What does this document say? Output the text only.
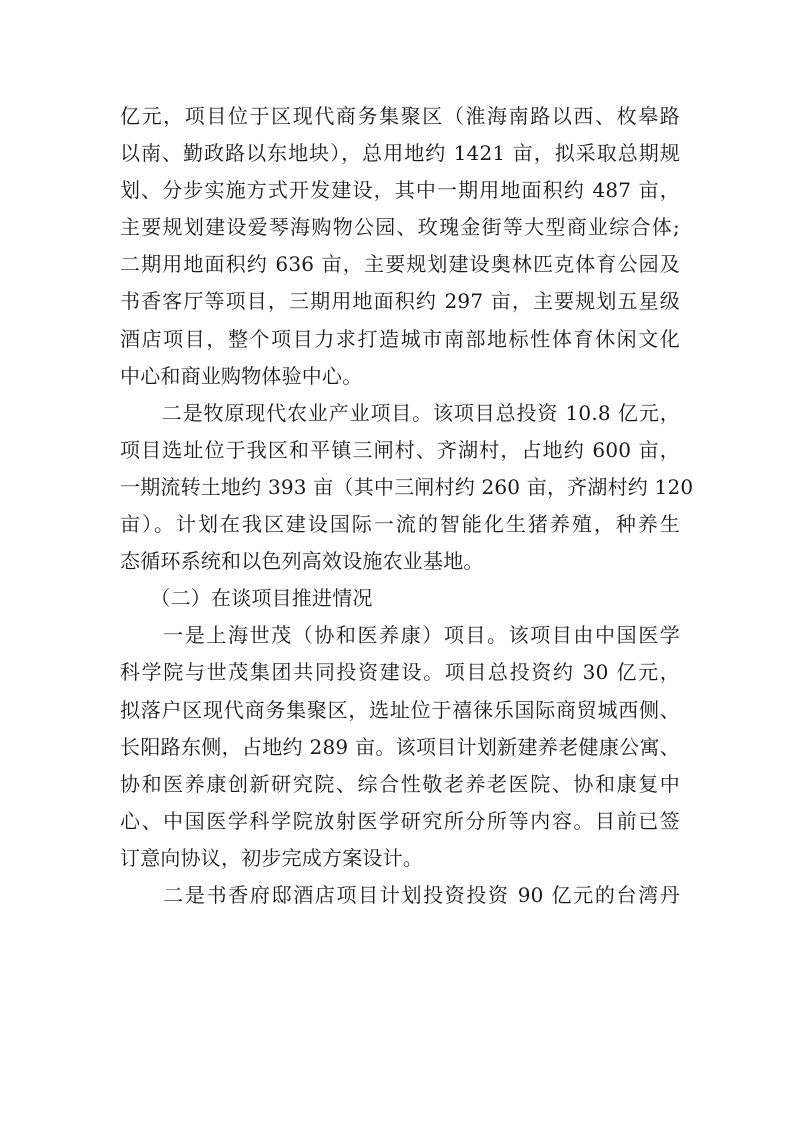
亿元，项目位于区现代商务集聚区（淮海南路以西、枚皋路
以南、勤政路以东地块），总用地约 1421 亩，拟采取总期规
划、分步实施方式开发建设，其中一期用地面积约 487 亩，
主要规划建设爱琴海购物公园、玫瑰金街等大型商业综合体;
二期用地面积约 636 亩，主要规划建设奥林匹克体育公园及
书香客厅等项目，三期用地面积约 297 亩，主要规划五星级
酒店项目，整个项目力求打造城市南部地标性体育休闲文化
中心和商业购物体验中心。
　　二是牧原现代农业产业项目。该项目总投资 10.8 亿元，
项目选址位于我区和平镇三闸村、齐湖村，占地约 600 亩，
一期流转土地约 393 亩（其中三闸村约 260 亩，齐湖村约 120
亩）。计划在我区建设国际一流的智能化生猪养殖，种养生
态循环系统和以色列高效设施农业基地。
　　（二）在谈项目推进情况
　　一是上海世茂（协和医养康）项目。该项目由中国医学
科学院与世茂集团共同投资建设。项目总投资约 30 亿元，
拟落户区现代商务集聚区，选址位于禧徕乐国际商贸城西侧、
长阳路东侧，占地约 289 亩。该项目计划新建养老健康公寓、
协和医养康创新研究院、综合性敬老养老医院、协和康复中
心、中国医学科学院放射医学研究所分所等内容。目前已签
订意向协议，初步完成方案设计。
　　二是书香府邸酒店项目计划投资投资 90 亿元的台湾丹
